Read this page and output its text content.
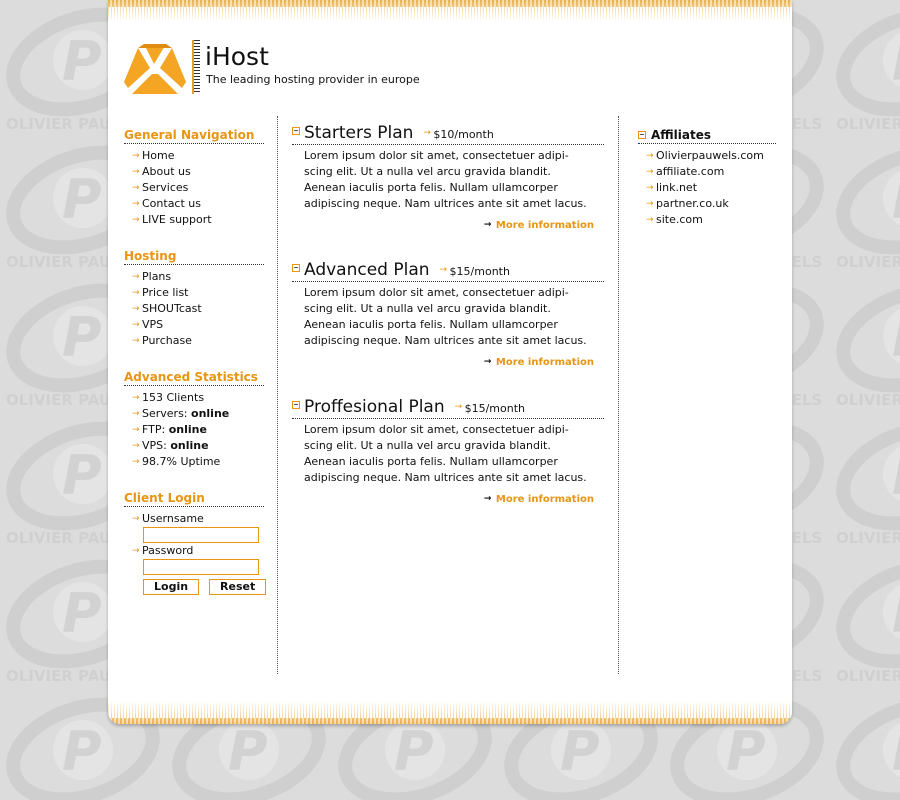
iHost
The leading hosting provider in europe
General Navigation
→ Home
→ About us
→ Services
→ Contact us
→ LIVE support
Hosting
→ Plans
→ Price list
→ SHOUTcast
→ VPS
→ Purchase
Advanced Statistics
→ 153 Clients
→ Servers: online
→ FTP: online
→ VPS: online
→ 98.7% Uptime
Client Login
→ Usernsame
→ Password
Login	Reset
Starters Plan	→ $10/month
Lorem ipsum dolor sit amet, consectetuer adipi-scing elit. Ut a nulla vel arcu gravida blandit. Aenean iaculis porta felis. Nullam ullamcorper adipiscing neque. Nam ultrices ante sit amet lacus.
→ More information
Advanced Plan	→ $15/month
Lorem ipsum dolor sit amet, consectetuer adipi-scing elit. Ut a nulla vel arcu gravida blandit. Aenean iaculis porta felis. Nullam ullamcorper adipiscing neque. Nam ultrices ante sit amet lacus.
→ More information
Proffesional Plan	→ $15/month
Lorem ipsum dolor sit amet, consectetuer adipi-scing elit. Ut a nulla vel arcu gravida blandit. Aenean iaculis porta felis. Nullam ullamcorper adipiscing neque. Nam ultrices ante sit amet lacus.
→ More information
Affiliates
→ Olivierpauwels.com
→ affiliate.com
→ link.net
→ partner.co.uk
→ site.com
